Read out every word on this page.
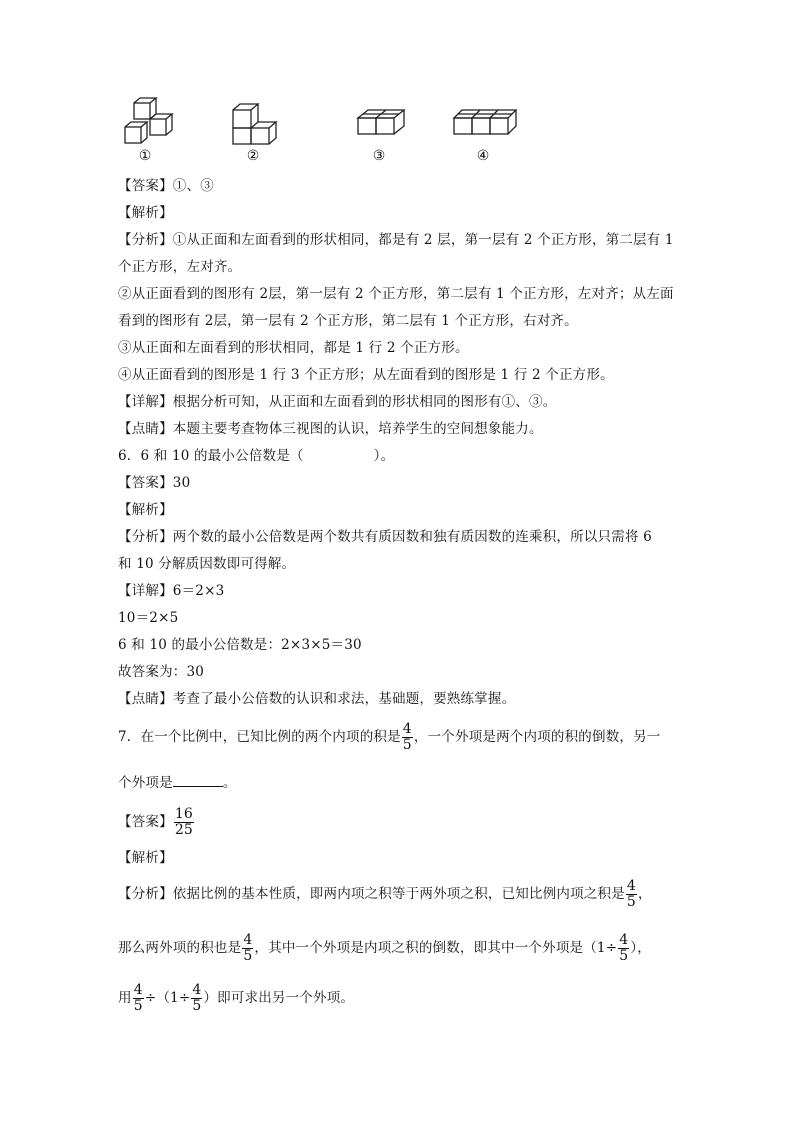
①	②	③	④
【答案】①、③
【解析】
【分析】①从正面和左面看到的形状相同，都是有 2 层，第一层有 2 个正方形，第二层有 1
个正方形，左对齐。
②从正面看到的图形有 2层，第一层有 2 个正方形，第二层有 1 个正方形，左对齐；从左面
看到的图形有 2层，第一层有 2 个正方形，第二层有 1 个正方形，右对齐。
③从正面和左面看到的形状相同，都是 1 行 2 个正方形。
④从正面看到的图形是 1 行 3 个正方形；从左面看到的图形是 1 行 2 个正方形。
【详解】根据分析可知，从正面和左面看到的形状相同的图形有①、③。
【点睛】本题主要考查物体三视图的认识，培养学生的空间想象能力。
6．6 和 10 的最小公倍数是（	）。
【答案】30
【解析】
【分析】两个数的最小公倍数是两个数共有质因数和独有质因数的连乘积，所以只需将 6
和 10 分解质因数即可得解。
【详解】6＝2×3
10＝2×5
6 和 10 的最小公倍数是：2×3×5＝30
故答案为：30
【点睛】考查了最小公倍数的认识和求法，基础题，要熟练掌握。
7．在一个比例中，已知比例的两个内项的积是 $\frac{4}{5}$ ，一个外项是两个内项的积的倒数，另一
个外项是	。
【答案】 $\frac{16}{25}$
【解析】
【分析】依据比例的基本性质，即两内项之积等于两外项之积，已知比例内项之积是 $\frac{4}{5}$ ，
那么两外项的积也是 $\frac{4}{5}$ ，其中一个外项是内项之积的倒数，即其中一个外项是（$1\div \frac{4}{5}$ ），
用 $\frac{4}{5} \div(1\div \frac{4}{5}$ ）即可求出另一个外项。
